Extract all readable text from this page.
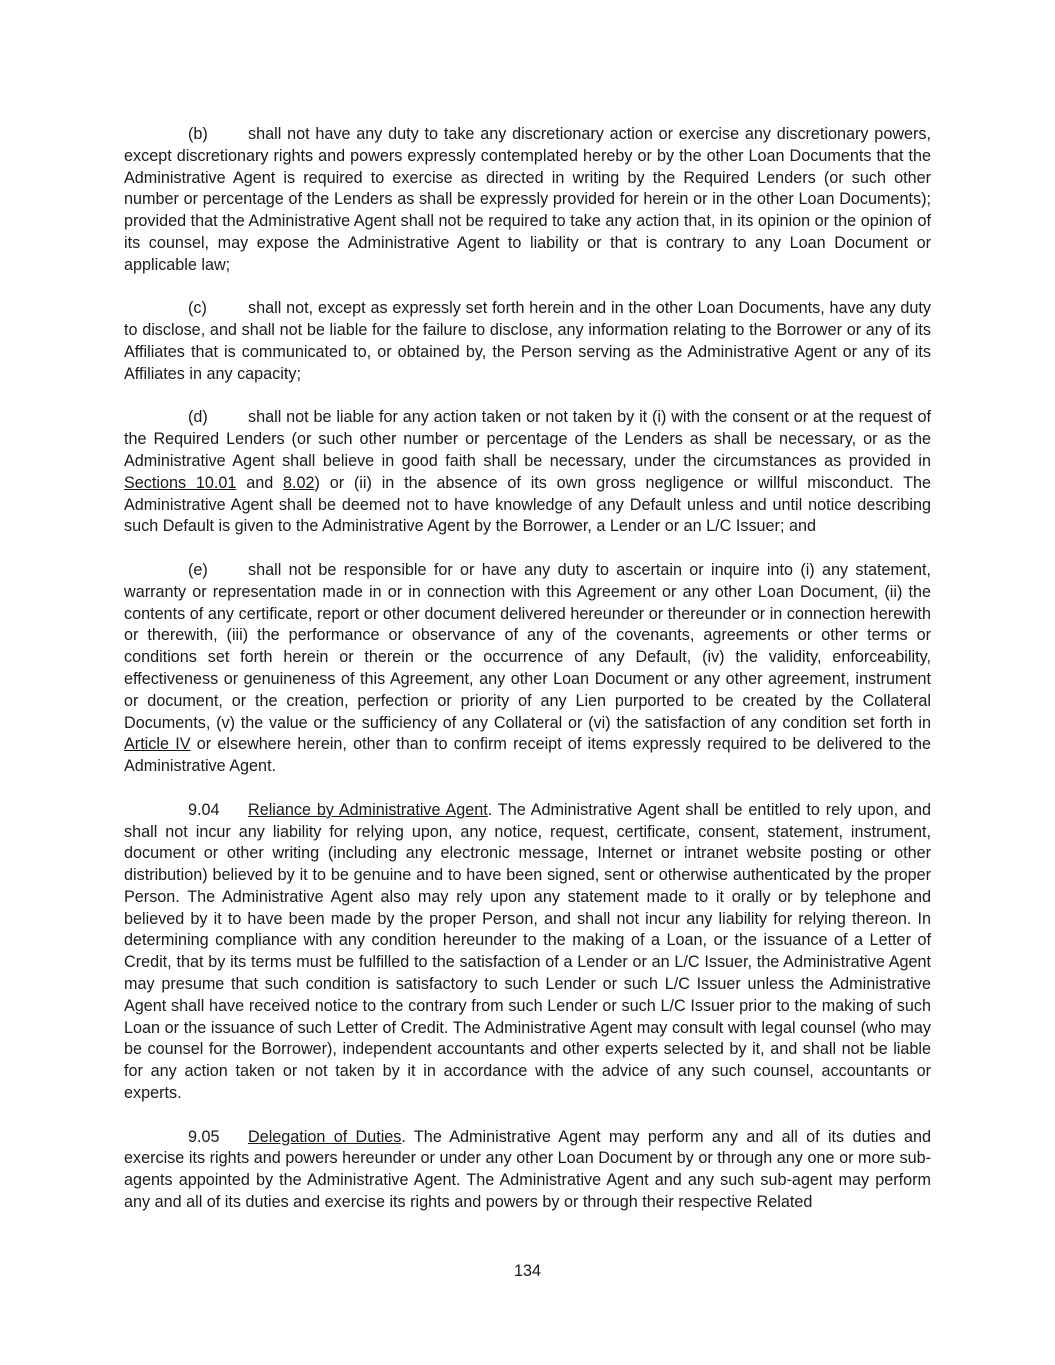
(b) shall not have any duty to take any discretionary action or exercise any discretionary powers, except discretionary rights and powers expressly contemplated hereby or by the other Loan Documents that the Administrative Agent is required to exercise as directed in writing by the Required Lenders (or such other number or percentage of the Lenders as shall be expressly provided for herein or in the other Loan Documents); provided that the Administrative Agent shall not be required to take any action that, in its opinion or the opinion of its counsel, may expose the Administrative Agent to liability or that is contrary to any Loan Document or applicable law;

(c)	shall not, except as expressly set forth herein and in the other Loan Documents, have any duty to disclose, and shall not be liable for the failure to disclose, any information relating to the Borrower or any of its Affiliates that is communicated to, or obtained by, the Person serving as the Administrative Agent or any of its Affiliates in any capacity;

(d) shall not be liable for any action taken or not taken by it (i) with the consent or at the request of the Required Lenders (or such other number or percentage of the Lenders as shall be necessary, or as the Administrative Agent shall believe in good faith shall be necessary, under the circumstances as provided in Sections 10.01 and 8.02) or (ii) in the absence of its own gross negligence or willful misconduct. The Administrative Agent shall be deemed not to have knowledge of any Default unless and until notice describing such Default is given to the Administrative Agent by the Borrower, a Lender or an L/C Issuer; and

(e) shall not be responsible for or have any duty to ascertain or inquire into (i) any statement, warranty or representation made in or in connection with this Agreement or any other Loan Document, (ii) the contents of any certificate, report or other document delivered hereunder or thereunder or in connection herewith or therewith, (iii) the performance or observance of any of the covenants, agreements or other terms or conditions set forth herein or therein or the occurrence of any Default, (iv) the validity, enforceability, effectiveness or genuineness of this Agreement, any other Loan Document or any other agreement, instrument or document, or the creation, perfection or priority of any Lien purported to be created by the Collateral Documents, (v) the value or the sufficiency of any Collateral or (vi) the satisfaction of any condition set forth in Article IV or elsewhere herein, other than to confirm receipt of items expressly required to be delivered to the Administrative Agent.

9.04 Reliance by Administrative Agent. The Administrative Agent shall be entitled to rely upon, and shall not incur any liability for relying upon, any notice, request, certificate, consent, statement, instrument, document or other writing (including any electronic message, Internet or intranet website posting or other distribution) believed by it to be genuine and to have been signed, sent or otherwise authenticated by the proper Person. The Administrative Agent also may rely upon any statement made to it orally or by telephone and believed by it to have been made by the proper Person, and shall not incur any liability for relying thereon. In determining compliance with any condition hereunder to the making of a Loan, or the issuance of a Letter of Credit, that by its terms must be fulfilled to the satisfaction of a Lender or an L/C Issuer, the Administrative Agent may presume that such condition is satisfactory to such Lender or such L/C Issuer unless the Administrative Agent shall have received notice to the contrary from such Lender or such L/C Issuer prior to the making of such Loan or the issuance of such Letter of Credit. The Administrative Agent may consult with legal counsel (who may be counsel for the Borrower), independent accountants and other experts selected by it, and shall not be liable for any action taken or not taken by it in accordance with the advice of any such counsel, accountants or experts.

9.05 Delegation of Duties. The Administrative Agent may perform any and all of its duties and exercise its rights and powers hereunder or under any other Loan Document by or through any one or more sub-agents appointed by the Administrative Agent. The Administrative Agent and any such sub-agent may perform any and all of its duties and exercise its rights and powers by or through their respective Related

134
